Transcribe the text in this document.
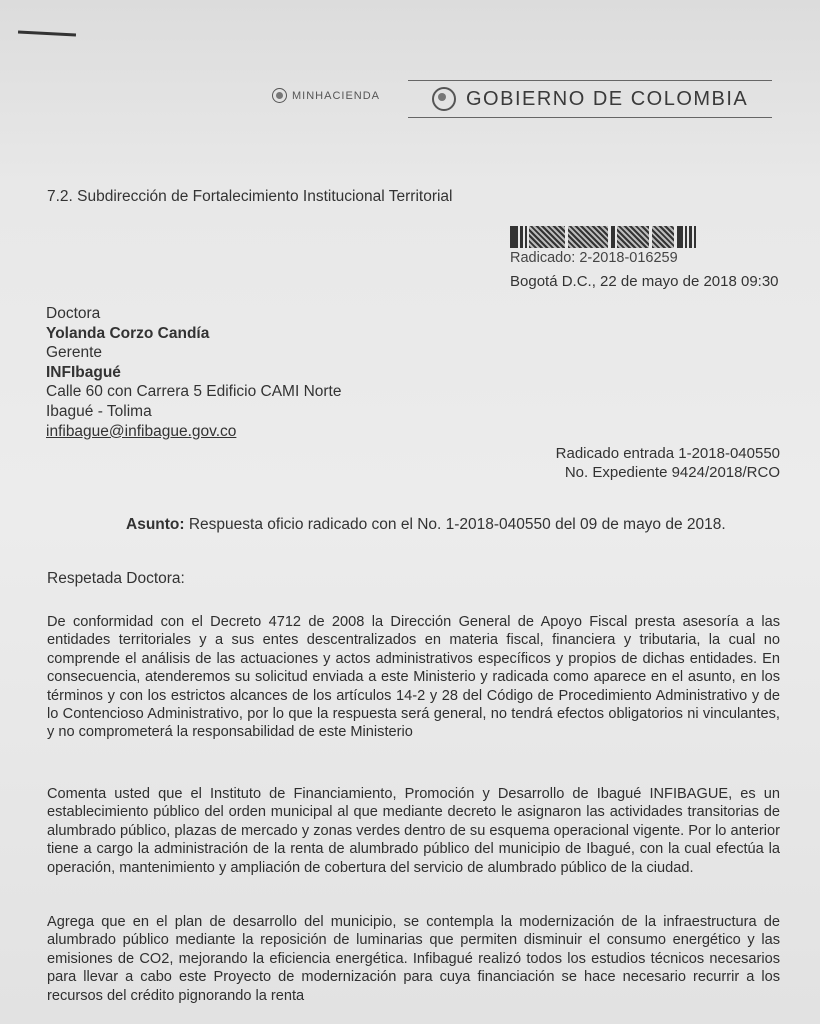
MINHACIENDA	GOBIERNO DE COLOMBIA
7.2. Subdirección de Fortalecimiento Institucional Territorial
Radicado: 2-2018-016259
Bogotá D.C., 22 de mayo de 2018 09:30
Doctora
Yolanda Corzo Candía
Gerente
INFIbagué
Calle 60 con Carrera 5 Edificio CAMI Norte
Ibagué - Tolima
infibague@infibague.gov.co
Radicado entrada 1-2018-040550
No. Expediente 9424/2018/RCO
Asunto: Respuesta oficio radicado con el No. 1-2018-040550 del 09 de mayo de 2018.
Respetada Doctora:

De conformidad con el Decreto 4712 de 2008 la Dirección General de Apoyo Fiscal presta asesoría a las entidades territoriales y a sus entes descentralizados en materia fiscal, financiera y tributaria, la cual no comprende el análisis de las actuaciones y actos administrativos específicos y propios de dichas entidades. En consecuencia, atenderemos su solicitud enviada a este Ministerio y radicada como aparece en el asunto, en los términos y con los estrictos alcances de los artículos 14-2 y 28 del Código de Procedimiento Administrativo y de lo Contencioso Administrativo, por lo que la respuesta será general, no tendrá efectos obligatorios ni vinculantes, y no comprometerá la responsabilidad de este Ministerio

Comenta usted que el Instituto de Financiamiento, Promoción y Desarrollo de Ibagué INFIBAGUE, es un establecimiento público del orden municipal al que mediante decreto le asignaron las actividades transitorias de alumbrado público, plazas de mercado y zonas verdes dentro de su esquema operacional vigente. Por lo anterior tiene a cargo la administración de la renta de alumbrado público del municipio de Ibagué, con la cual efectúa la operación, mantenimiento y ampliación de cobertura del servicio de alumbrado público de la ciudad.

Agrega que en el plan de desarrollo del municipio, se contempla la modernización de la infraestructura de alumbrado público mediante la reposición de luminarias que permiten disminuir el consumo energético y las emisiones de CO2, mejorando la eficiencia energética. Infibagué realizó todos los estudios técnicos necesarios para llevar a cabo este Proyecto de modernización para cuya financiación se hace necesario recurrir a los recursos del crédito pignorando la renta
